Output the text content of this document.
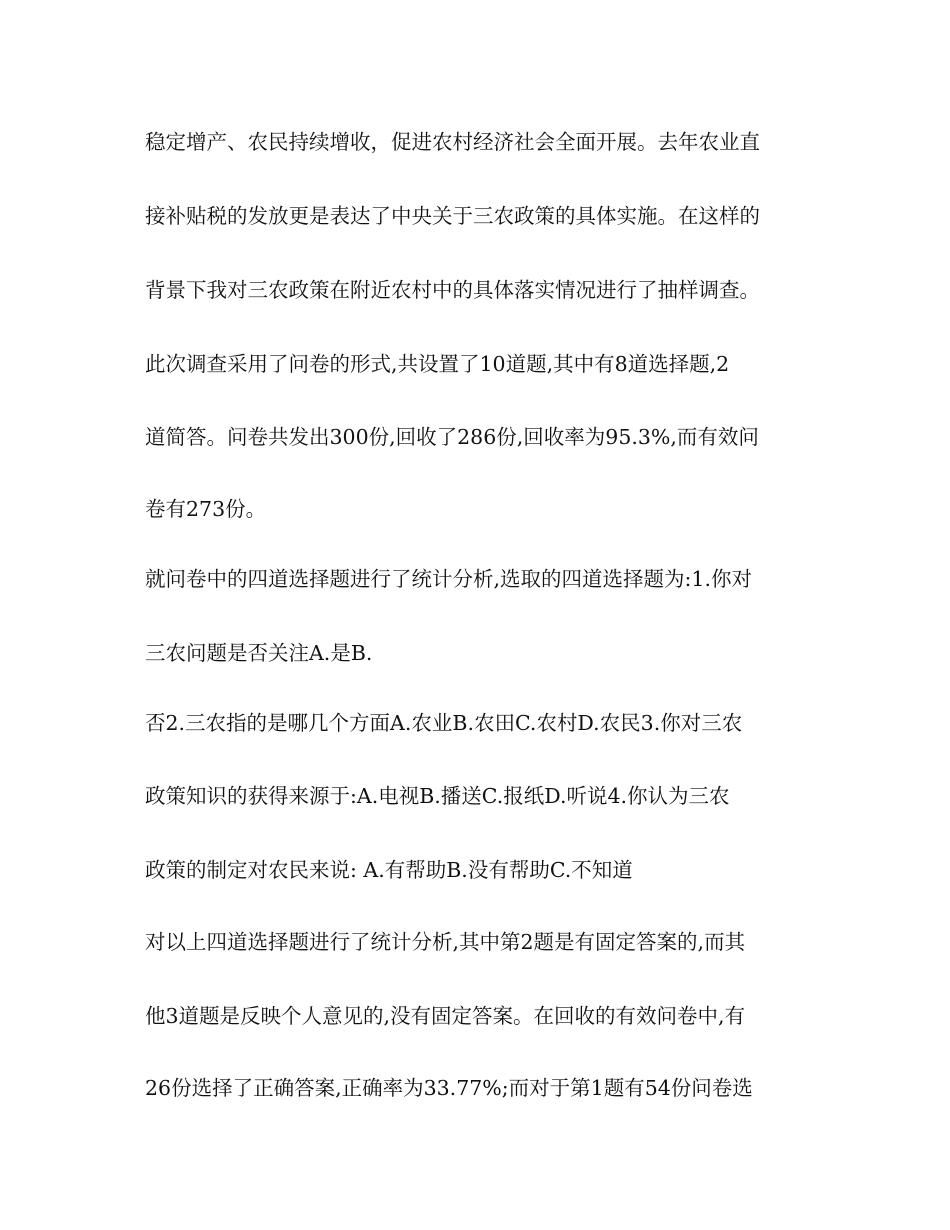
稳定增产、农民持续增收，促进农村经济社会全面开展。去年农业直
接补贴税的发放更是表达了中央关于三农政策的具体实施。在这样的
背景下我对三农政策在附近农村中的具体落实情况进行了抽样调查。
此次调查采用了问卷的形式,共设置了10道题,其中有8道选择题,2
道简答。问卷共发出300份,回收了286份,回收率为95.3%,而有效问
卷有273份。
就问卷中的四道选择题进行了统计分析,选取的四道选择题为:1.你对
三农问题是否关注A.是B.
否2.三农指的是哪几个方面A.农业B.农田C.农村D.农民3.你对三农
政策知识的获得来源于:A.电视B.播送C.报纸D.听说4.你认为三农
政策的制定对农民来说: A.有帮助B.没有帮助C.不知道
对以上四道选择题进行了统计分析,其中第2题是有固定答案的,而其
他3道题是反映个人意见的,没有固定答案。在回收的有效问卷中,有
26份选择了正确答案,正确率为33.77%;而对于第1题有54份问卷选
